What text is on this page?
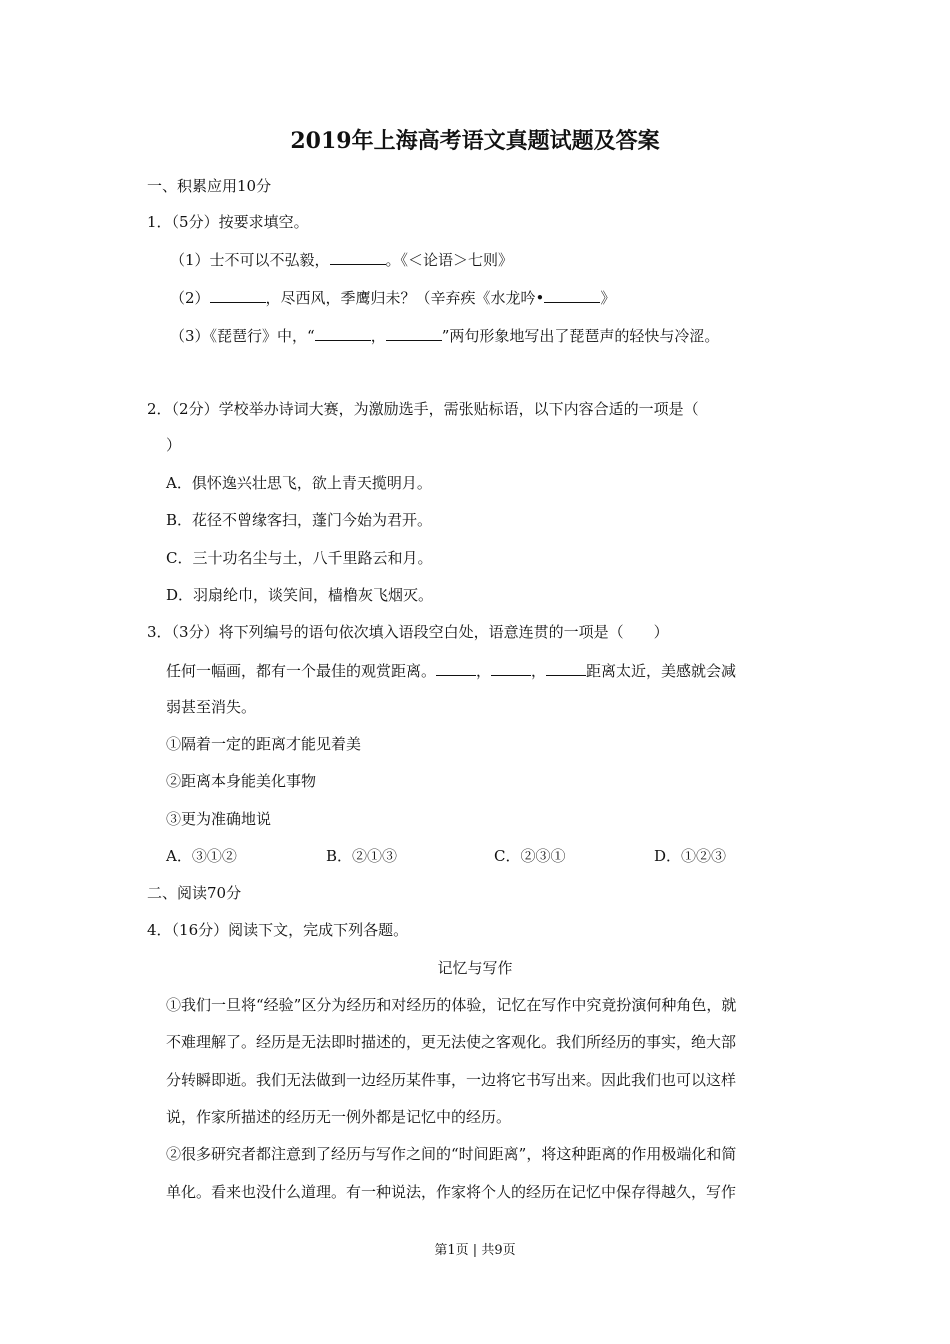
2019年上海高考语文真题试题及答案
一、积累应用10分
1．（5分）按要求填空。
（1）士不可以不弘毅，	。《＜论语＞七则》
（2）	，尽西风，季鹰归未？（辛弃疾《水龙吟•	》
（3）《琵琶行》中，“	，	”两句形象地写出了琵琶声的轻快与冷涩。
2．（2分）学校举办诗词大赛，为激励选手，需张贴标语，以下内容合适的一项是（
）
A．俱怀逸兴壮思飞，欲上青天揽明月。
B．花径不曾缘客扫，蓬门今始为君开。
C．三十功名尘与土，八千里路云和月。
D．羽扇纶巾，谈笑间，樯橹灰飞烟灭。
3．（3分）将下列编号的语句依次填入语段空白处，语意连贯的一项是（　　）
任何一幅画，都有一个最佳的观赏距离。	，	，	距离太近，美感就会减
弱甚至消失。
①隔着一定的距离才能见着美
②距离本身能美化事物
③更为准确地说
A．③①②	B．②①③	C．②③①	D．①②③
二、阅读70分
4．（16分）阅读下文，完成下列各题。
记忆与写作
①我们一旦将“经验”区分为经历和对经历的体验，记忆在写作中究竟扮演何种角色，就
不难理解了。经历是无法即时描述的，更无法使之客观化。我们所经历的事实，绝大部
分转瞬即逝。我们无法做到一边经历某件事，一边将它书写出来。因此我们也可以这样
说，作家所描述的经历无一例外都是记忆中的经历。
②很多研究者都注意到了经历与写作之间的“时间距离”，将这种距离的作用极端化和简
单化。看来也没什么道理。有一种说法，作家将个人的经历在记忆中保存得越久，写作
第1页 | 共9页
